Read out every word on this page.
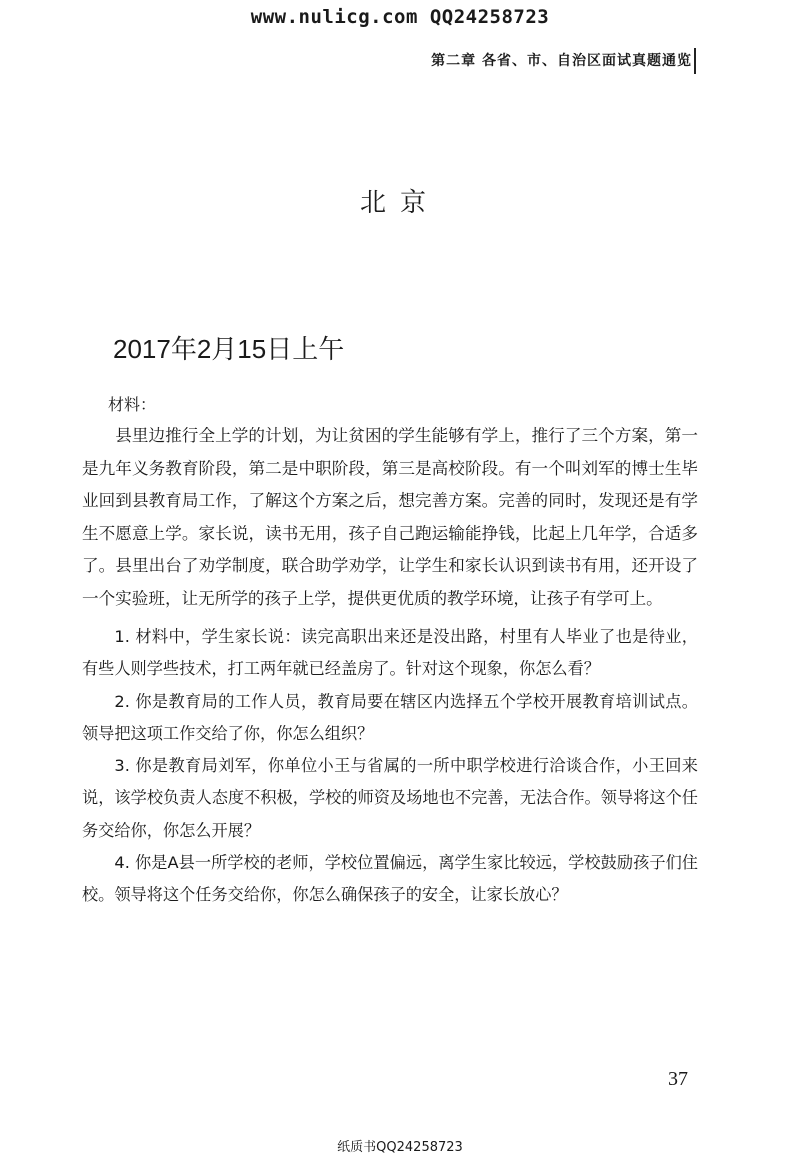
www.nulicg.com QQ24258723
第二章 各省、市、自治区面试真题通览
北京
2017年2月15日上午
材料：

县里边推行全上学的计划，为让贫困的学生能够有学上，推行了三个方案，第一是九年义务教育阶段，第二是中职阶段，第三是高校阶段。有一个叫刘军的博士生毕业回到县教育局工作，了解这个方案之后，想完善方案。完善的同时，发现还是有学生不愿意上学。家长说，读书无用，孩子自己跑运输能挣钱，比起上几年学，合适多了。县里出台了劝学制度，联合助学劝学，让学生和家长认识到读书有用，还开设了一个实验班，让无所学的孩子上学，提供更优质的教学环境，让孩子有学可上。

1. 材料中，学生家长说：读完高职出来还是没出路，村里有人毕业了也是待业，有些人则学些技术，打工两年就已经盖房了。针对这个现象，你怎么看？

2. 你是教育局的工作人员，教育局要在辖区内选择五个学校开展教育培训试点。领导把这项工作交给了你，你怎么组织？

3. 你是教育局刘军，你单位小王与省属的一所中职学校进行洽谈合作，小王回来说，该学校负责人态度不积极，学校的师资及场地也不完善，无法合作。领导将这个任务交给你，你怎么开展？

4. 你是A县一所学校的老师，学校位置偏远，离学生家比较远，学校鼓励孩子们住校。领导将这个任务交给你，你怎么确保孩子的安全，让家长放心？

37
纸质书QQ24258723
